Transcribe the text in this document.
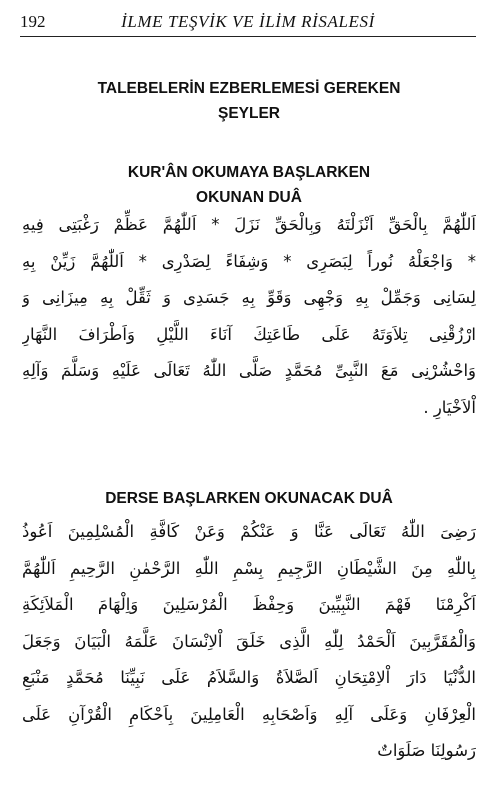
192	İLME TEŞVİK VE İLİM RİSALESİ
TALEBELERİN EZBERLEMESİ GEREKEN
ŞEYLER
KUR'ÂN OKUMAYA BAŞLARKEN
OKUNAN DUÂ
اَللّٰهُمَّ بِالْحَقِّ اَنْزَلْتَهُ وَبِالْحَقِّ نَزَلَ * اَللّٰهُمَّ عَظِّمْ رَغْبَتِى فِيهِ
* وَاجْعَلْهُ نُوراً لِبَصَرِى * وَشِفَاءً لِصَدْرِى * اَللّٰهُمَّ زَيِّنْ بِهِ
لِسَانِى وَجَمِّلْ بِهِ وَجْهِى وَقَوِّ بِهِ جَسَدِى وَ ثَقِّلْ بِهِ مِيزَانِى وَ
ارْزُقْنِى تِلاَوَتَهُ عَلَى طَاعَتِكَ آنَاءَ اللَّيْلِ وَاَطْرَافَ النَّهَارِ
وَاحْشُرْنِى مَعَ النَّبِىِّ مُحَمَّدٍ صَلَّى اللّٰهُ تَعَالَى عَلَيْهِ وَسَلَّمَ وَآلِهِ
اْلاَخْيَارِ .
DERSE BAŞLARKEN OKUNACAK DUÂ
رَضِىَ اللّٰهُ تَعَالَى عَنَّا وَ عَنْكُمْ وَعَنْ كَافَّةِ الْمُسْلِمِينَ اَعُوذُ
بِاللّٰهِ مِنَ الشَّيْطَانِ الرَّجِيمِ بِسْمِ اللّٰهِ الرَّحْمٰنِ الرَّحِيمِ اَللّٰهُمَّ
اَكْرِمْنَا فَهْمَ النَّبِيِّينَ وَحِفْظَ الْمُرْسَلِينَ وَاِلْهَامَ الْمَلاَئِكَةِ
وَالْمُقَرَّبِينَ اَلْحَمْدُ لِلّٰهِ الَّذِى خَلَقَ اْلاِنْسَانَ عَلَّمَهُ الْبَيَانَ وَجَعَلَ
الدُّنْيَا دَارَ اْلاِمْتِحَانِ اَلصَّلاَةُ وَالسَّلاَمُ عَلَى نَبِيِّنَا مُحَمَّدٍ مَنْبَعِ
الْعِرْفَانِ وَعَلَى آلِهِ وَاَصْحَابِهِ الْعَامِلِينَ بِاَحْكَامِ الْقُرْآنِ عَلَى
رَسُولِنَا صَلَوَاتٌ
